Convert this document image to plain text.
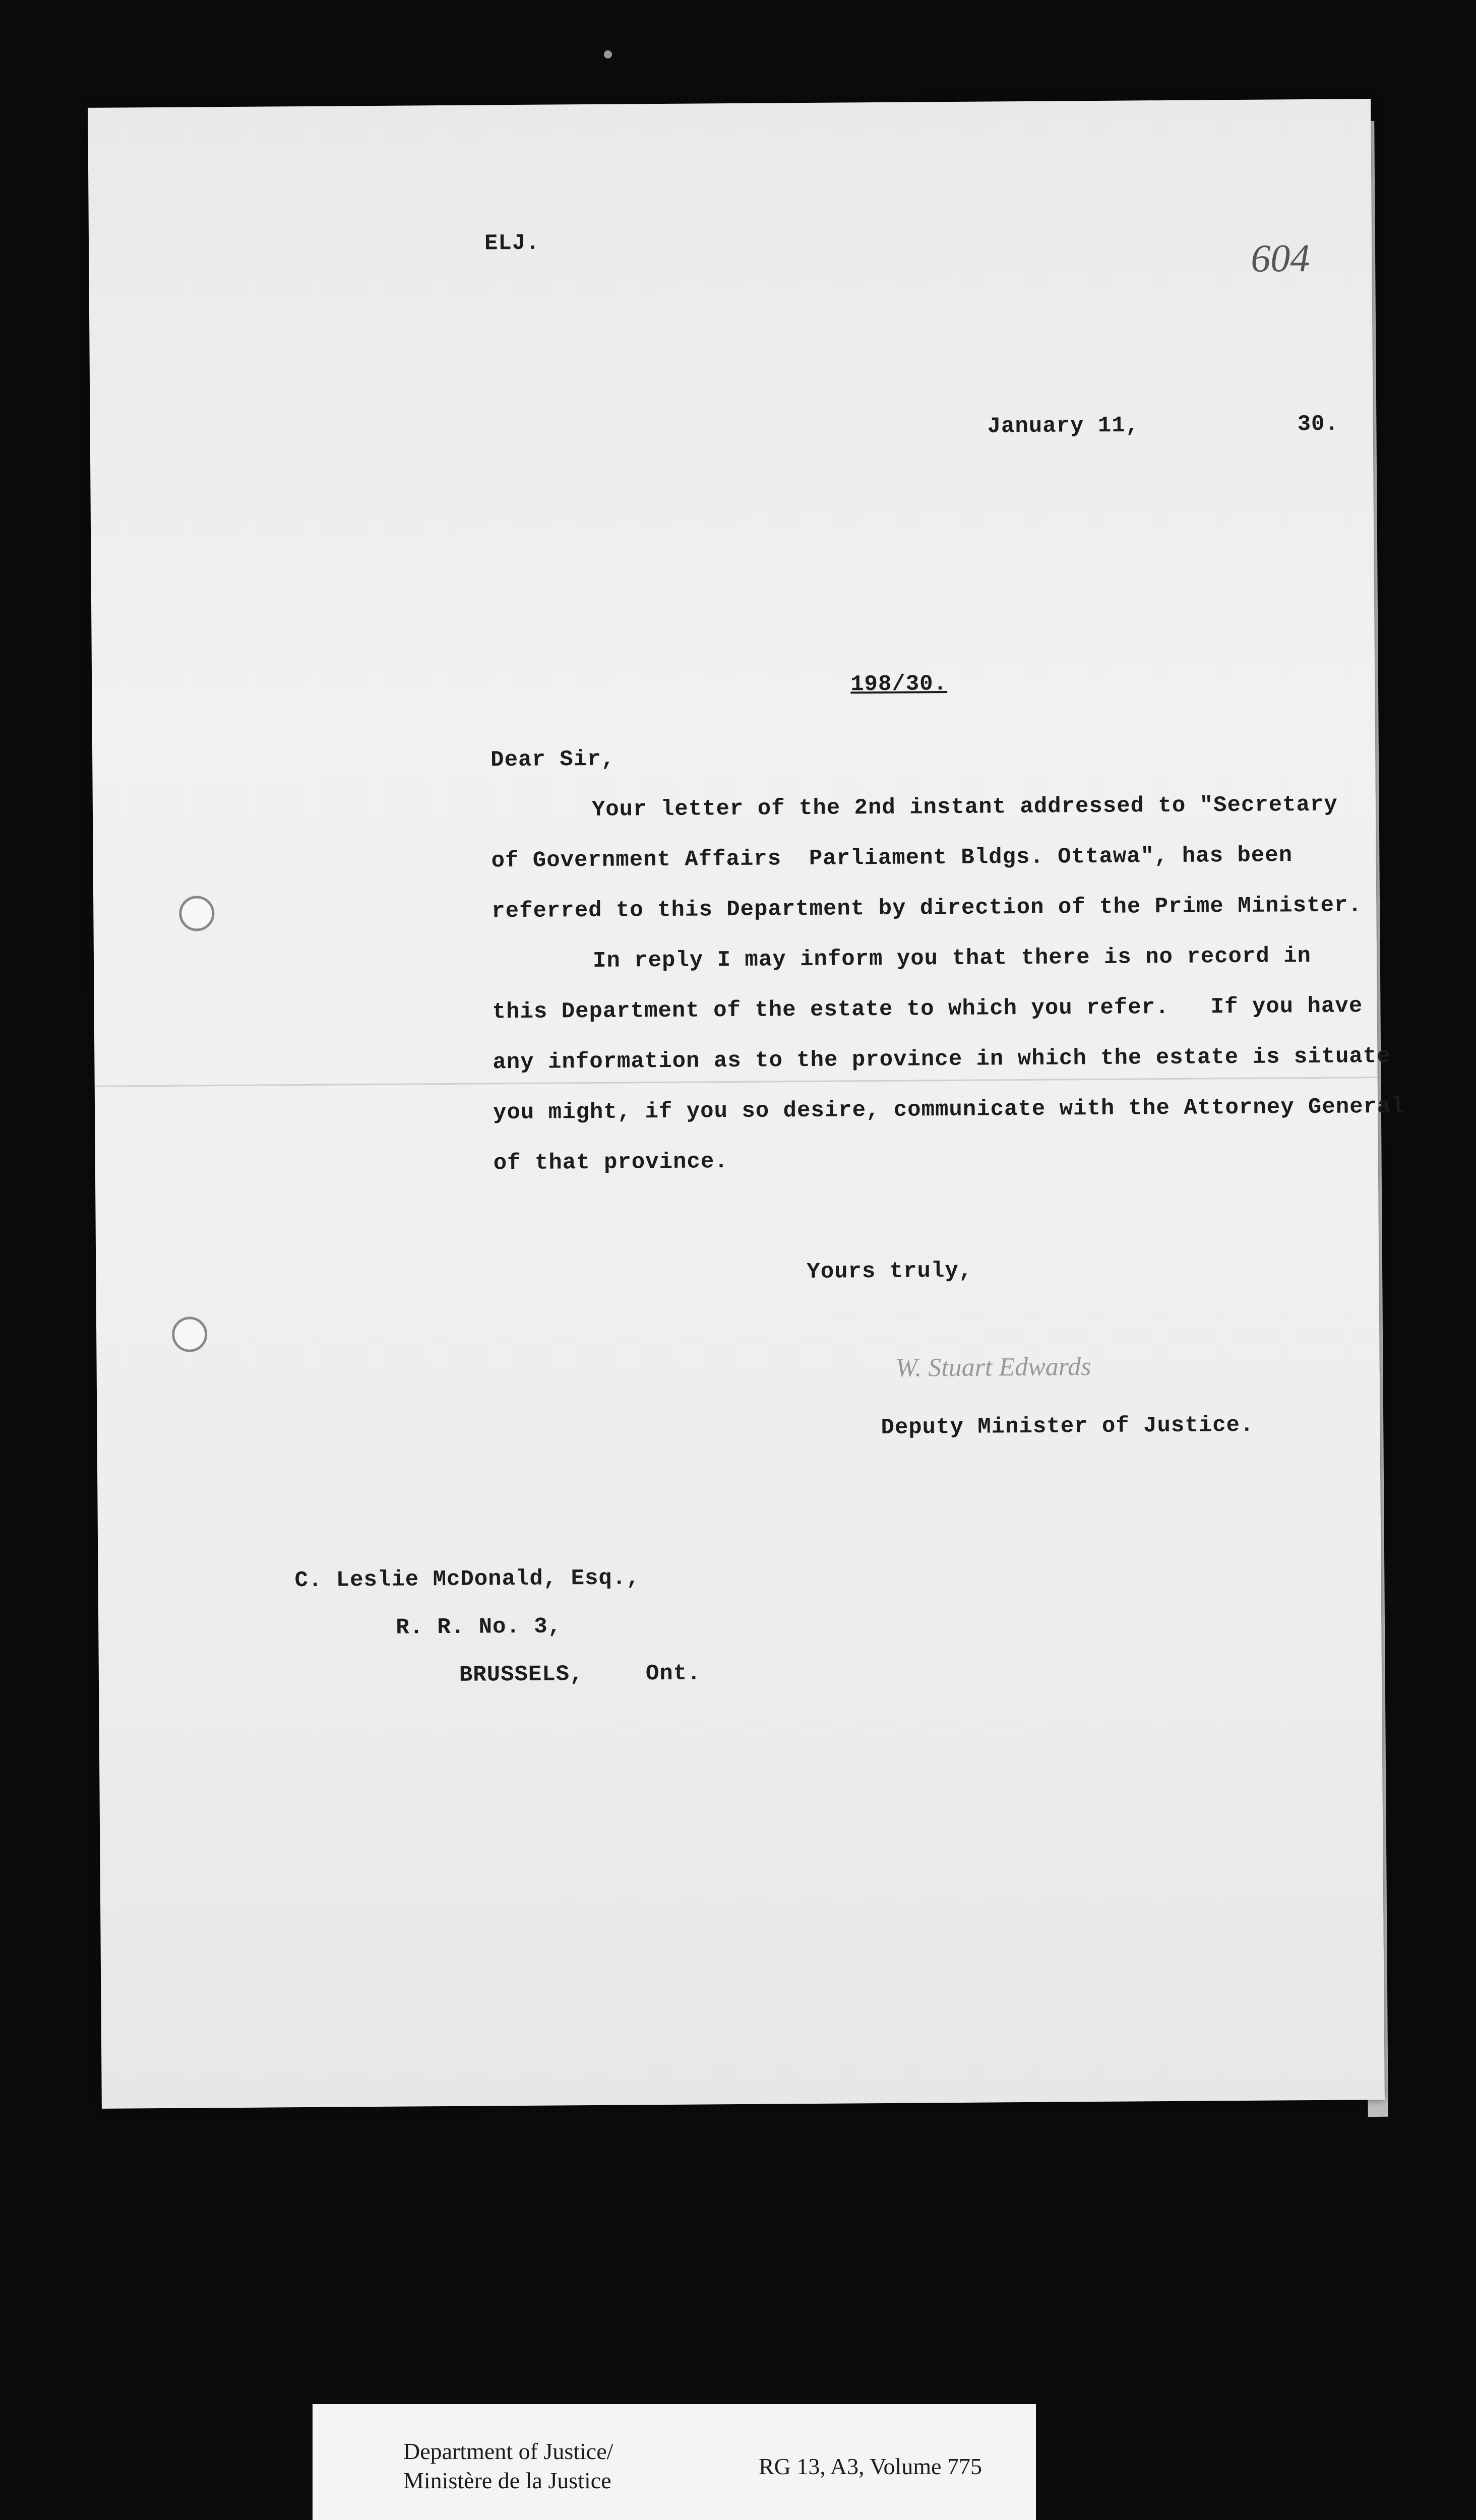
ELJ.	604
January 11,	30.
198/30.
Dear Sir,
Your letter of the 2nd instant addressed to "Secretary
of Government Affairs  Parliament Bldgs. Ottawa", has been
referred to this Department by direction of the Prime Minister.
In reply I may inform you that there is no record in
this Department of the estate to which you refer.   If you have
any information as to the province in which the estate is situate
you might, if you so desire, communicate with the Attorney General
of that province.
Yours truly,
W. Stuart Edwards
Deputy Minister of Justice.
C. Leslie McDonald, Esq.,
R. R. No. 3,
BRUSSELS,	Ont.
Department of Justice/
Ministère de la Justice
RG 13, A3, Volume 775
